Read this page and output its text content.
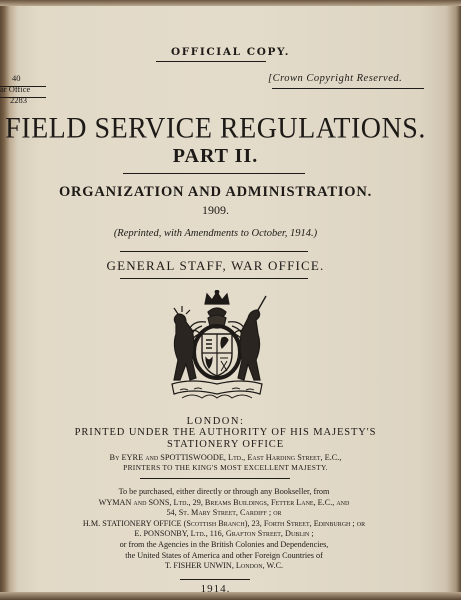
OFFICIAL COPY.
[Crown Copyright Reserved.
40
ar Office
2283
FIELD SERVICE REGULATIONS.
PART II.
ORGANIZATION AND ADMINISTRATION.
1909.
(Reprinted, with Amendments to October, 1914.)
GENERAL STAFF, WAR OFFICE.
LONDON:
PRINTED UNDER THE AUTHORITY OF HIS MAJESTY'S
STATIONERY OFFICE
By EYRE and SPOTTISWOODE, Ltd., East Harding Street, E.C.,
PRINTERS TO THE KING'S MOST EXCELLENT MAJESTY.
To be purchased, either directly or through any Bookseller, from
WYMAN and SONS, Ltd., 29, Breams Buildings, Fetter Lane, E.C., and
54, St. Mary Street, Cardiff ; or
H.M. STATIONERY OFFICE (Scottish Branch), 23, Forth Street, Edinburgh ; or
E. PONSONBY, Ltd., 116, Grafton Street, Dublin ;
or from the Agencies in the British Colonies and Dependencies,
the United States of America and other Foreign Countries of
T. FISHER UNWIN, London, W.C.
1914.
